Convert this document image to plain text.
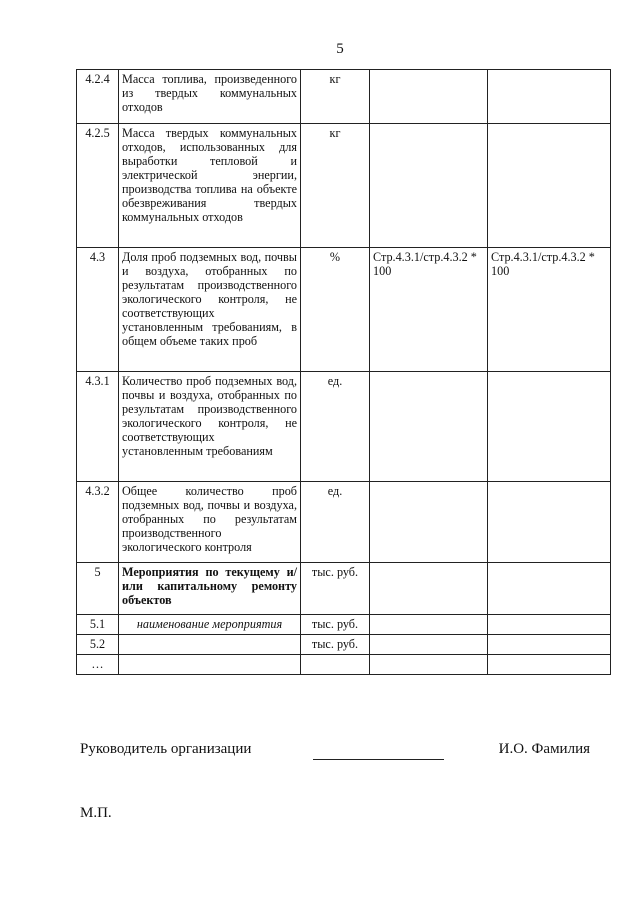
5
4.2.4	Масса топлива, произведенного из твердых коммунальных отходов	кг		
4.2.5	Масса твердых коммунальных отходов, использованных для выработки тепловой и электрической энергии, производства топлива на объекте обезвреживания твердых коммунальных отходов	кг		
4.3	Доля проб подземных вод, почвы и воздуха, отобранных по результатам производственного экологического контроля, не соответствующих установленным требованиям, в общем объеме таких проб	%	Стр.4.3.1/стр.4.3.2 * 100	Стр.4.3.1/стр.4.3.2 * 100
4.3.1	Количество проб подземных вод, почвы и воздуха, отобранных по результатам производственного экологического контроля, не соответствующих установленным требованиям	ед.		
4.3.2	Общее количество проб подземных вод, почвы и воздуха, отобранных по результатам производственного экологического контроля	ед.		
5	Мероприятия по текущему и/или капитальному ремонту объектов	тыс. руб.		
5.1	наименование мероприятия	тыс. руб.		
5.2		тыс. руб.		
…				
Руководитель организации	И.О. Фамилия
М.П.
